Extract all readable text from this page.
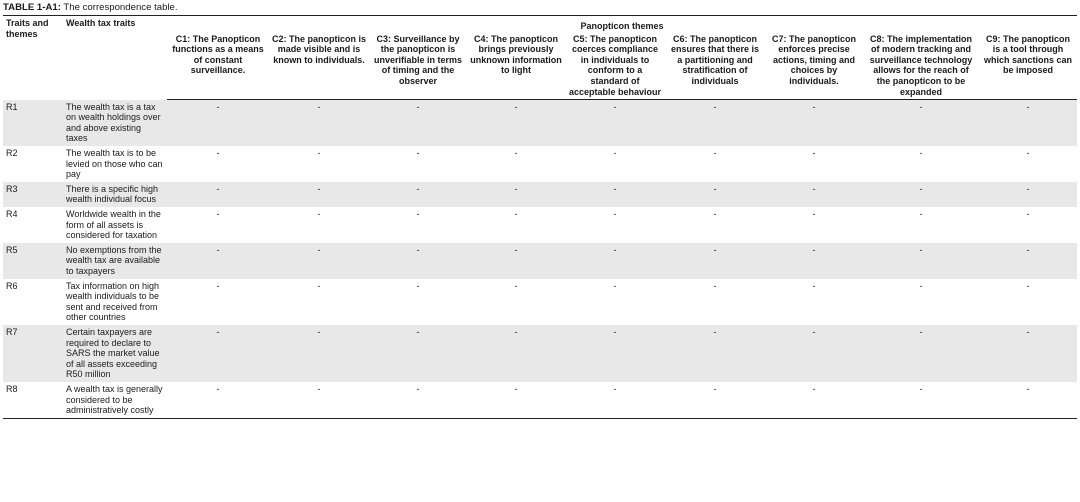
TABLE 1-A1: The correspondence table.
Traits and themes	Wealth tax traits	Panopticon themes								
		C1: The Panopticon functions as a means of constant surveillance.	C2: The panopticon is made visible and is known to individuals.	C3: Surveillance by the panopticon is unverifiable in terms of timing and the observer	C4: The panopticon brings previously unknown information to light	C5: The panopticon coerces compliance in individuals to conform to a standard of acceptable behaviour	C6: The panopticon ensures that there is a partitioning and stratification of individuals	C7: The panopticon enforces precise actions, timing and choices by individuals.	C8: The implementation of modern tracking and surveillance technology allows for the reach of the panopticon to be expanded	C9: The panopticon is a tool through which sanctions can be imposed
R1	The wealth tax is a tax on wealth holdings over and above existing taxes	-	-	-	-	-	-	-	-	-
R2	The wealth tax is to be levied on those who can pay	-	-	-	-	-	-	-	-	-
R3	There is a specific high wealth individual focus	-	-	-	-	-	-	-	-	-
R4	Worldwide wealth in the form of all assets is considered for taxation	-	-	-	-	-	-	-	-	-
R5	No exemptions from the wealth tax are available to taxpayers	-	-	-	-	-	-	-	-	-
R6	Tax information on high wealth individuals to be sent and received from other countries	-	-	-	-	-	-	-	-	-
R7	Certain taxpayers are required to declare to SARS the market value of all assets exceeding R50 million	-	-	-	-	-	-	-	-	-
R8	A wealth tax is generally considered to be administratively costly	-	-	-	-	-	-	-	-	-
